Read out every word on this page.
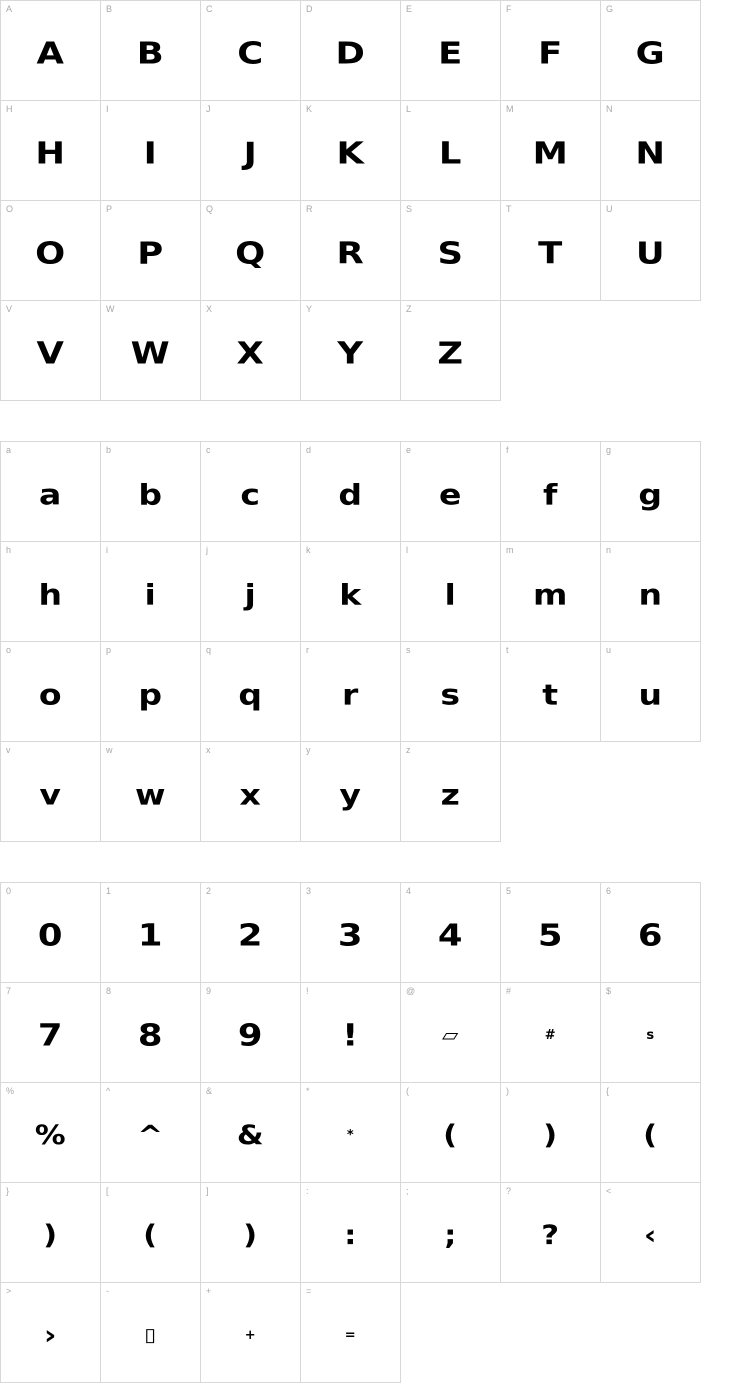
A
A
B
B
C
C
D
D
E
E
F
F
G
G
H
H
I
I
J
J
K
K
L
L
M
M
N
N
O
O
P
P
Q
Q
R
R
S
S
T
T
U
U
V
V
W
W
X
X
Y
Y
Z
Z
a
a
b
b
c
c
d
d
e
e
f
f
g
g
h
h
i
i
j
j
k
k
l
l
m
m
n
n
o
o
p
p
q
q
r
r
s
s
t
t
u
u
v
v
w
w
x
x
y
y
z
z
0
0
1
1
2
2
3
3
4
4
5
5
6
6
7
7
8
8
9
9
!
!
@
▱
#
#
$
s
%
%
^
^
&
&
*
*
(
(
)
)
{
(
}
)
[
(
]
)
:
:
;
;
?
?
<
‹
>
›
-
▯
+
+
=
=
